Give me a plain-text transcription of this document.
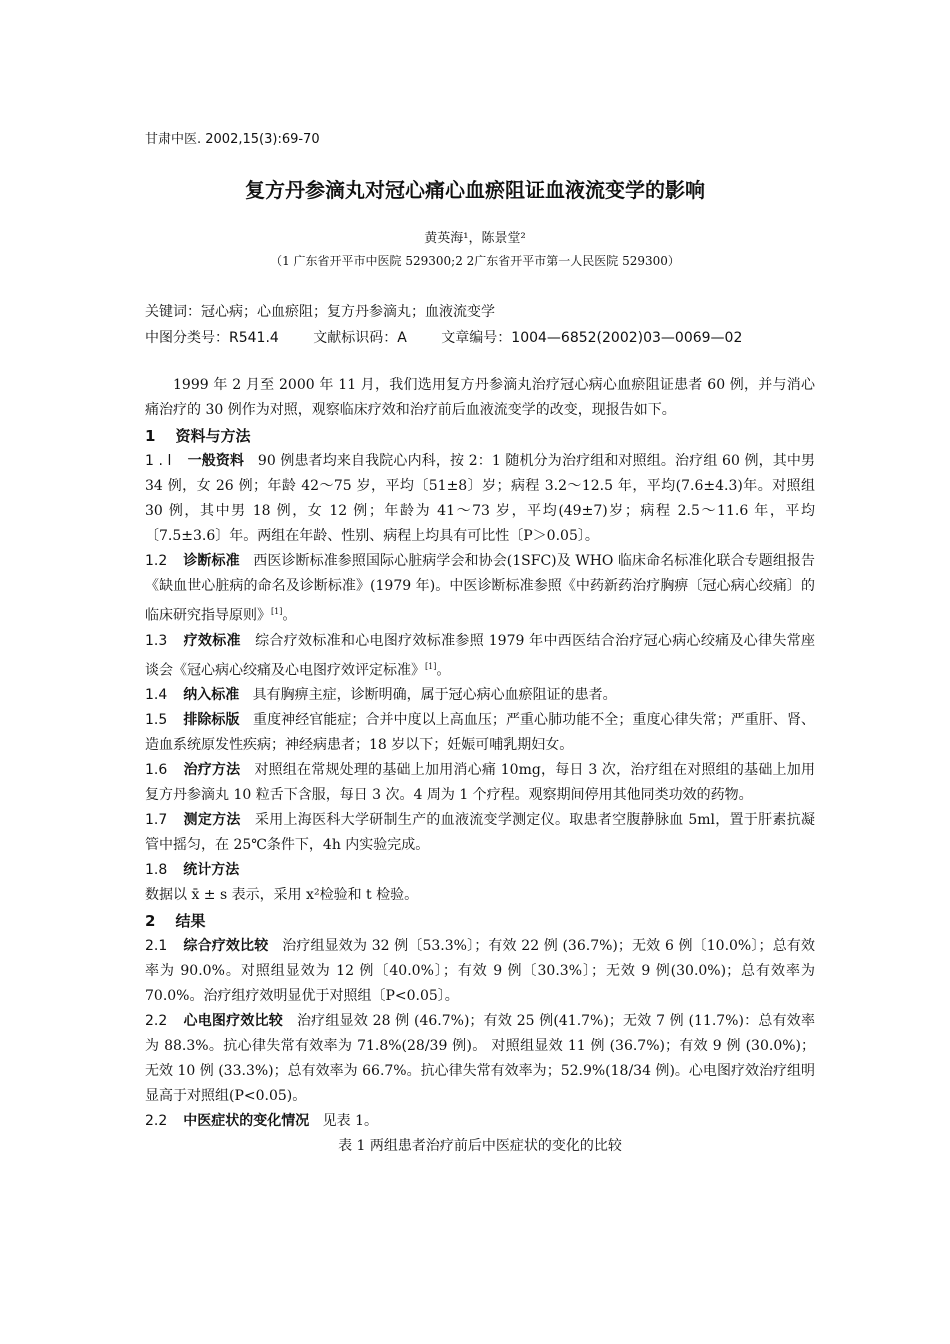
甘肃中医. 2002,15(3):69-70
复方丹参滴丸对冠心痛心血瘀阻证血液流变学的影响
黄英海¹，陈景堂²
（1 广东省开平市中医院 529300;2 2广东省开平市第一人民医院 529300）
关键词：冠心病；心血瘀阻；复方丹参滴丸；血液流变学
中图分类号：R541.4 文献标识码：A 文章编号：1004—6852(2002)03—0069—02

1999 年 2 月至 2000 年 11 月，我们选用复方丹参滴丸治疗冠心病心血瘀阻证患者 60 例，并与消心痛治疗的 30 例作为对照，观察临床疗效和治疗前后血液流变学的改变，现报告如下。

1 资料与方法

1 . l 一般资料 90 例患者均来自我院心内科，按 2：1 随机分为治疗组和对照组。治疗组 60 例，其中男 34 例，女 26 例；年龄 42～75 岁，平均〔51±8〕岁；病程 3.2～12.5 年，平均(7.6±4.3)年。对照组 30 例，其中男 18 例，女 12 例；年龄为 41～73 岁，平均(49±7)岁；病程 2.5～11.6 年，平均〔7.5±3.6〕年。两组在年龄、性别、病程上均具有可比性〔P＞0.05〕。

1.2 诊断标准 西医诊断标准参照国际心脏病学会和协会(1SFC)及 WHO 临床命名标准化联合专题组报告《缺血世心脏病的命名及诊断标准》(1979 年)。中医诊断标准参照《中药新药治疗胸痹〔冠心病心绞痛〕的临床研究指导原则》[1]。

1.3 疗效标准 综合疗效标准和心电图疗效标准参照 1979 年中西医结合治疗冠心病心绞痛及心律失常座谈会《冠心病心绞痛及心电图疗效评定标准》[1]。

1.4 纳入标准 具有胸痹主症，诊断明确，属于冠心病心血瘀阻证的患者。

1.5 排除标版 重度神经官能症；合并中度以上高血压；严重心肺功能不全；重度心律失常；严重肝、肾、造血系统原发性疾病；神经病患者；18 岁以下；妊娠可哺乳期妇女。

1.6 治疗方法 对照组在常规处理的基础上加用消心痛 10mg，每日 3 次，治疗组在对照组的基础上加用复方丹参滴丸 10 粒舌下含服，每日 3 次。4 周为 1 个疗程。观察期间停用其他同类功效的药物。

1.7 测定方法 采用上海医科大学研制生产的血液流变学测定仪。取患者空腹静脉血 5ml，置于肝素抗凝管中摇匀，在 25℃条件下，4h 内实验完成。

1.8 统计方法

数据以 x̄ ± s 表示，采用 x²检验和 t 检验。

2 结果

2.1 综合疗效比较 治疗组显效为 32 例〔53.3%〕；有效 22 例 (36.7%)；无效 6 例〔10.0%〕；总有效率为 90.0%。对照组显效为 12 例〔40.0%〕；有效 9 例〔30.3%〕；无效 9 例(30.0%)；总有效率为 70.0%。治疗组疗效明显优于对照组〔P<0.05〕。

2.2 心电图疗效比较 治疗组显效 28 例 (46.7%)；有效 25 例(41.7%)；无效 7 例 (11.7%)：总有效率为 88.3%。抗心律失常有效率为 71.8%(28/39 例)。 对照组显效 11 例 (36.7%)；有效 9 例 (30.0%)；无效 10 例 (33.3%)；总有效率为 66.7%。抗心律失常有效率为；52.9%(18/34 例)。心电图疗效治疗组明显高于对照组(P<0.05)。

2.2 中医症状的变化情况 见表 1。

表 1 两组患者治疗前后中医症状的变化的比较
